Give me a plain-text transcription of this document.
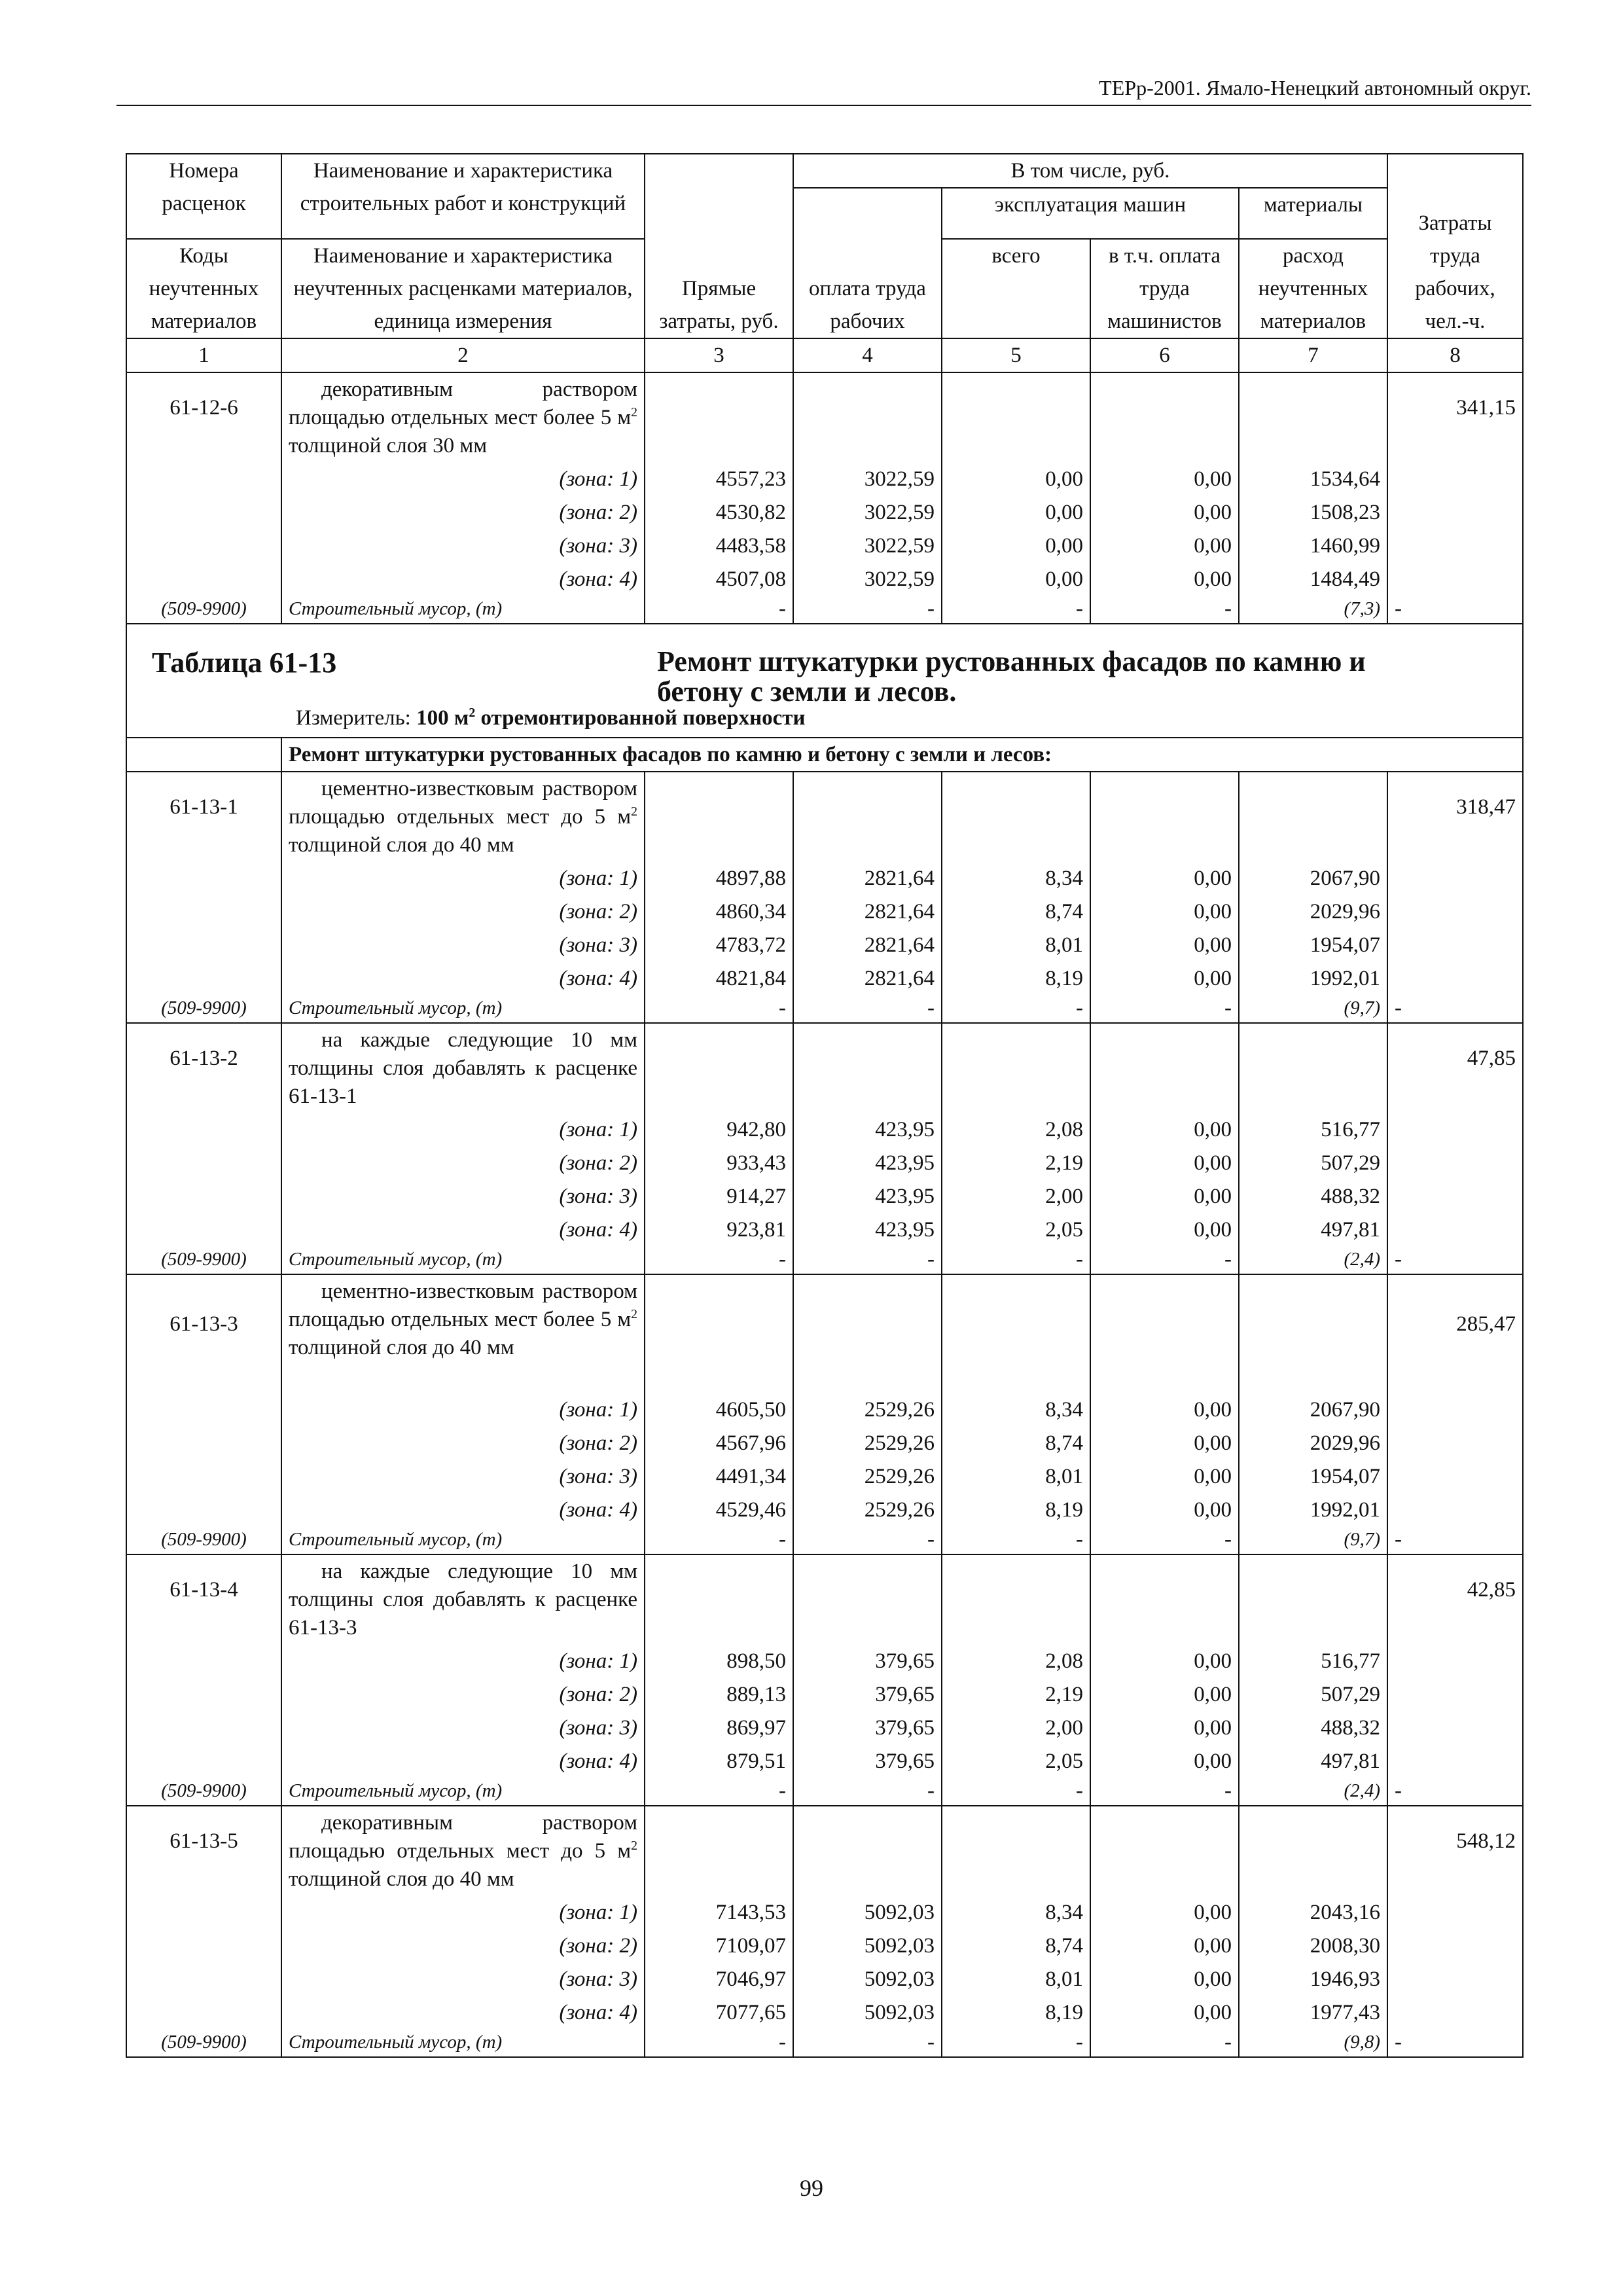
ТЕРр-2001. Ямало-Ненецкий автономный округ.
Номера расценок	Наименование и характеристика строительных работ и конструкций	Прямые затраты, руб.	В том числе, руб.				Затраты труда рабочих, чел.-ч.
			оплата труда рабочих	эксплуатация машин		материалы	
Коды неучтенных материалов	Наименование и характеристика неучтенных расценками материалов, единица измерения			всего	в т.ч. оплата труда машинистов	расход неучтенных материалов	
1	2	3	4	5	6	7	8
61-12-6	декоративным раствором площадью отдельных мест более 5 $м^2$ толщиной слоя 30 мм						341,15
	(зона: 1)	4557,23	3022,59	0,00	0,00	1534,64	
	(зона: 2)	4530,82	3022,59	0,00	0,00	1508,23	
	(зона: 3)	4483,58	3022,59	0,00	0,00	1460,99	
	(зона: 4)	4507,08	3022,59	0,00	0,00	1484,49	
(509-9900)	Строительный мусор, (т)	-	-	-	-	(7,3)	-

Таблица 61-13 Ремонт штукатурки рустованных фасадов по камню и бетону с земли и лесов.
Измеритель: 100 $м^2$ отремонтированной поверхности							

	Ремонт штукатурки рустованных фасадов по камню и бетону с земли и лесов:						
61-13-1	цементно-известковым раствором площадью отдельных мест до 5 $м^2$ толщиной слоя до 40 мм						318,47
	(зона: 1)	4897,88	2821,64	8,34	0,00	2067,90	
	(зона: 2)	4860,34	2821,64	8,74	0,00	2029,96	
	(зона: 3)	4783,72	2821,64	8,01	0,00	1954,07	
	(зона: 4)	4821,84	2821,64	8,19	0,00	1992,01	
(509-9900)	Строительный мусор, (т)	-	-	-	-	(9,7)	-
61-13-2	на каждые следующие 10 мм толщины слоя добавлять к расценке 61-13-1						47,85
	(зона: 1)	942,80	423,95	2,08	0,00	516,77	
	(зона: 2)	933,43	423,95	2,19	0,00	507,29	
	(зона: 3)	914,27	423,95	2,00	0,00	488,32	
	(зона: 4)	923,81	423,95	2,05	0,00	497,81	
(509-9900)	Строительный мусор, (т)	-	-	-	-	(2,4)	-
61-13-3	цементно-известковым раствором площадью отдельных мест более 5 $м^2$ толщиной слоя до 40 мм						285,47
	(зона: 1)	4605,50	2529,26	8,34	0,00	2067,90	
	(зона: 2)	4567,96	2529,26	8,74	0,00	2029,96	
	(зона: 3)	4491,34	2529,26	8,01	0,00	1954,07	
	(зона: 4)	4529,46	2529,26	8,19	0,00	1992,01	
(509-9900)	Строительный мусор, (т)	-	-	-	-	(9,7)	-
61-13-4	на каждые следующие 10 мм толщины слоя добавлять к расценке 61-13-3						42,85
	(зона: 1)	898,50	379,65	2,08	0,00	516,77	
	(зона: 2)	889,13	379,65	2,19	0,00	507,29	
	(зона: 3)	869,97	379,65	2,00	0,00	488,32	
	(зона: 4)	879,51	379,65	2,05	0,00	497,81	
(509-9900)	Строительный мусор, (т)	-	-	-	-	(2,4)	-
61-13-5	декоративным раствором площадью отдельных мест до 5 $м^2$ толщиной слоя до 40 мм						548,12
	(зона: 1)	7143,53	5092,03	8,34	0,00	2043,16	
	(зона: 2)	7109,07	5092,03	8,74	0,00	2008,30	
	(зона: 3)	7046,97	5092,03	8,01	0,00	1946,93	
	(зона: 4)	7077,65	5092,03	8,19	0,00	1977,43	
(509-9900)	Строительный мусор, (т)	-	-	-	-	(9,8)	-
99
